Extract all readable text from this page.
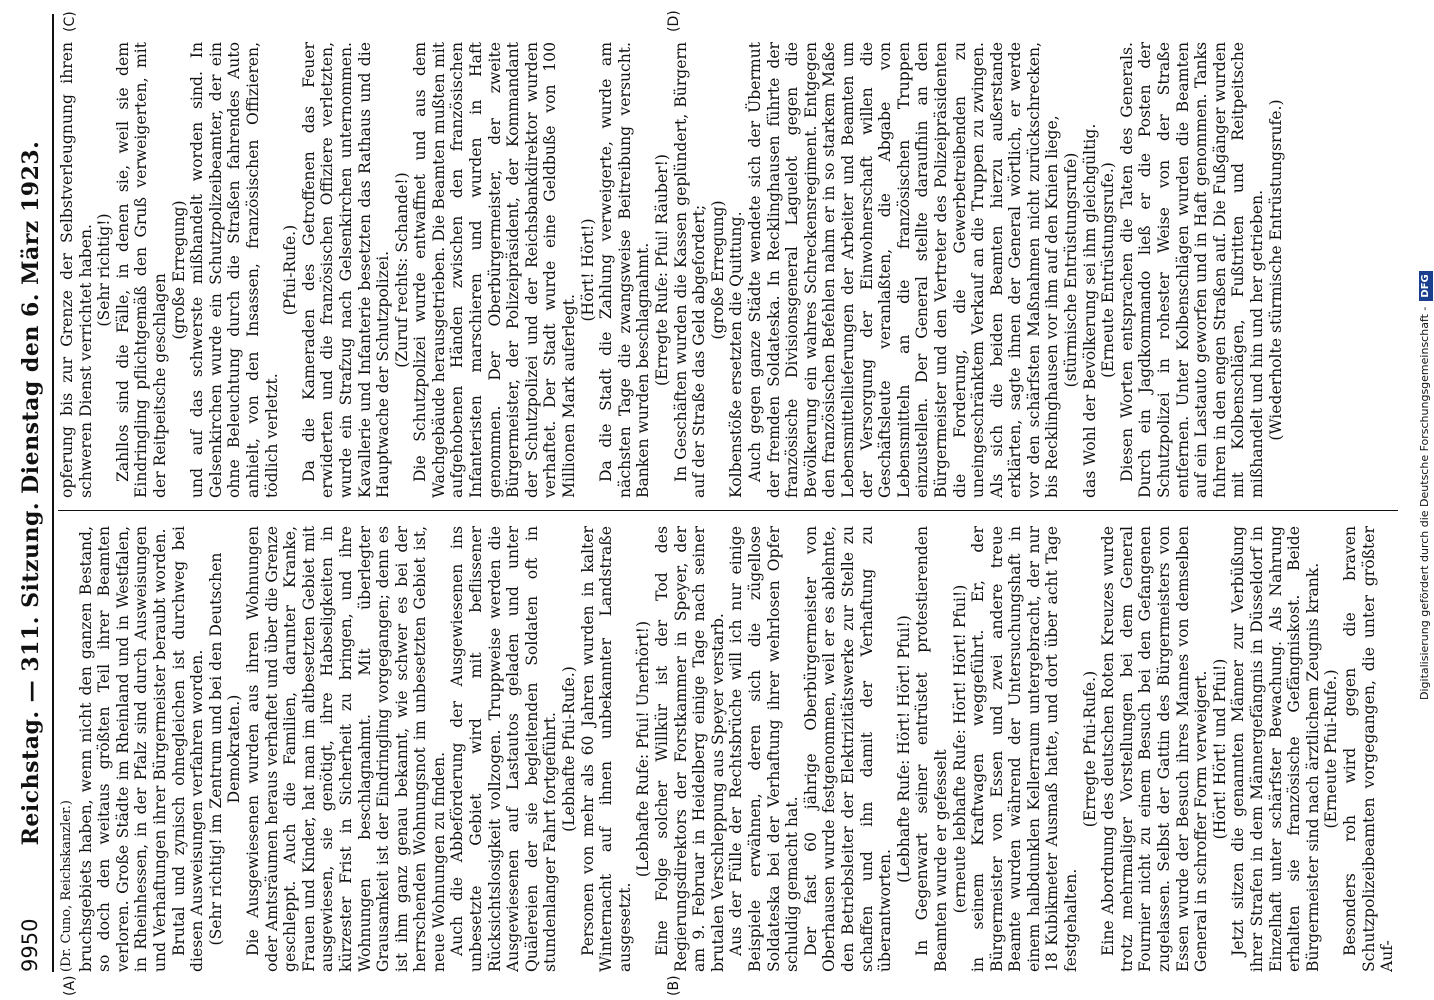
9950
Reichstag. — 311. Sitzung. Dienstag den 6. März 1923.
(A)	(B)
(C)	(D)

(Dr. Cuno, Reichskanzler.) bruchsgebiets haben, wenn nicht den ganzen Bestand, so doch den weitaus größten Teil ihrer Beamten verloren. Große Städte im Rheinland und in Westfalen, in Rheinhessen, in der Pfalz sind durch Ausweisungen und Verhaftungen ihrer Bürgermeister beraubt worden. Brutal und zynisch ohnegleichen ist durchweg bei diesen Ausweisungen verfahren worden. (Sehr richtig! im Zentrum und bei den Deutschen Demokraten.) Die Ausgewiesenen wurden aus ihren Wohnungen oder Amtsräumen heraus verhaftet und über die Grenze geschleppt. Auch die Familien, darunter Kranke, Frauen und Kinder, hat man im altbesetzten Gebiet mit ausgewiesen, sie genötigt, ihre Habseligkeiten in kürzester Frist in Sicherheit zu bringen, und ihre Wohnungen beschlagnahmt. Mit überlegter Grausamkeit ist der Eindringling vorgegangen; denn es ist ihm ganz genau bekannt, wie schwer es bei der herrschenden Wohnungsnot im unbesetzten Gebiet ist, neue Wohnungen zu finden. Auch die Abbeförderung der Ausgewiesenen ins unbesetzte Gebiet wird mit beflissener Rücksichtslosigkeit vollzogen. Truppweise werden die Ausgewiesenen auf Lastautos geladen und unter Quälereien der sie begleitenden Soldaten oft in stundenlanger Fahrt fortgeführt. (Lebhafte Pfui-Rufe.) Personen von mehr als 60 Jahren wurden in kalter Winternacht auf ihnen unbekannter Landstraße ausgesetzt.

(Lebhafte Rufe: Pfui! Unerhört!) Eine Folge solcher Willkür ist der Tod des Regierungsdirektors der Forstkammer in Speyer, der am 9. Februar in Heidelberg einige Tage nach seiner brutalen Verschleppung aus Speyer verstarb. Aus der Fülle der Rechtsbrüche will ich nur einige Beispiele erwähnen, deren sich die zügellose Soldateska bei der Verhaftung ihrer wehrlosen Opfer schuldig gemacht hat. Der fast 60 jährige Oberbürgermeister von Oberhausen wurde festgenommen, weil er es ablehnte, den Betriebsleiter der Elektrizitätswerke zur Stelle zu schaffen und ihn damit der Verhaftung zu überantworten.

(Lebhafte Rufe: Hört! Hört! Pfui!) In Gegenwart seiner entrüstet protestierenden Beamten wurde er gefesselt (erneute lebhafte Rufe: Hört! Hört! Pfui!) in seinem Kraftwagen weggeführt. Er, der Bürgermeister von Essen und zwei andere treue Beamte wurden während der Untersuchungshaft in einem halbdunklen Kellerraum untergebracht, der nur 18 Kubikmeter Ausmaß hatte, und dort über acht Tage festgehalten.

(Erregte Pfui-Rufe.) Eine Abordnung des deutschen Roten Kreuzes wurde trotz mehrmaliger Vorstellungen bei dem General Fournier nicht zu einem Besuch bei den Gefangenen zugelassen. Selbst der Gattin des Bürgermeisters von Essen wurde der Besuch ihres Mannes von demselben General in schroffer Form verweigert. (Hört! Hört! und Pfui!) Jetzt sitzen die genannten Männer zur Verbüßung ihrer Strafen in dem Männergefängnis in Düsseldorf in Einzelhaft unter schärfster Bewachung. Als Nahrung erhalten sie französische Gefängniskost. Beide Bürgermeister sind nach ärztlichem Zeugnis krank. (Erneute Pfui-Rufe.) Besonders roh wird gegen die braven Schutzpolizeibeamten vorgegangen, die unter größter Auf-

opferung bis zur Grenze der Selbstverleugnung ihren schweren Dienst verrichtet haben. (Sehr richtig!) Zahllos sind die Fälle, in denen sie, weil sie dem Eindringling pflichtgemäß den Gruß verweigerten, mit der Reitpeitsche geschlagen

(große Erregung) und auf das schwerste mißhandelt worden sind. In Gelsenkirchen wurde ein Schutzpolizeibeamter, der ein ohne Beleuchtung durch die Straßen fahrendes Auto anhielt, von den Insassen, französischen Offizieren, tödlich verletzt.

(Pfui-Rufe.) Da die Kameraden des Getroffenen das Feuer erwiderten und die französischen Offiziere verletzten, wurde ein Strafzug nach Gelsenkirchen unternommen. Kavallerie und Infanterie besetzten das Rathaus und die Hauptwache der Schutzpolizei. (Zuruf rechts: Schande!) Die Schutzpolizei wurde entwaffnet und aus dem Wachgebäude herausgetrieben. Die Beamten mußten mit aufgehobenen Händen zwischen den französischen Infanteristen marschieren und wurden in Haft genommen. Der Oberbürgermeister, der zweite Bürgermeister, der Polizeipräsident, der Kommandant der Schutzpolizei und der Reichsbankdirektor wurden verhaftet. Der Stadt wurde eine Geldbuße von 100 Millionen Mark auferlegt.

(Hört! Hört!) Da die Stadt die Zahlung verweigerte, wurde am nächsten Tage die zwangsweise Beitreibung versucht. Banken wurden beschlagnahmt. (Erregte Rufe: Pfui! Räuber!) In Geschäften wurden die Kassen geplündert, Bürgern auf der Straße das Geld abgefordert; (große Erregung) Kolbenstöße ersetzten die Quittung. Auch gegen ganze Städte wendete sich der Übermut der fremden Soldateska. In Recklinghausen führte der französische Divisionsgeneral Laguelot gegen die Bevölkerung ein wahres Schreckensregiment. Entgegen den französischen Befehlen nahm er in so starkem Maße Lebensmittellieferungen der Arbeiter und Beamten um der Versorgung der Einwohnerschaft willen die Geschäftsleute veranlaßten, die Abgabe von Lebensmitteln an die französischen Truppen einzustellen. Der General stellte daraufhin an den Bürgermeister und den Vertreter des Polizeipräsidenten die Forderung, die Gewerbetreibenden zu uneingeschränktem Verkauf an die Truppen zu zwingen. Als sich die beiden Beamten hierzu außerstande erklärten, sagte ihnen der General wörtlich, er werde vor den schärfsten Maßnahmen nicht zurückschrecken, bis Recklinghausen vor ihm auf den Knien liege, (stürmische Entrüstungsrufe) das Wohl der Bevölkerung sei ihm gleichgültig. (Erneute Entrüstungsrufe.) Diesen Worten entsprachen die Taten des Generals. Durch ein Jagdkommando ließ er die Posten der Schutzpolizei in rohester Weise von der Straße entfernen. Unter Kolbenschlägen wurden die Beamten auf ein Lastauto geworfen und in Haft genommen. Tanks fuhren in den engen Straßen auf. Die Fußgänger wurden mit Kolbenschlägen, Fußtritten und Reitpeitsche mißhandelt und hin und her getrieben. (Wiederholte stürmische Entrüstungsrufe.)
Digitalisierung gefördert durch die Deutsche Forschungsgemeinschaft -DFG
